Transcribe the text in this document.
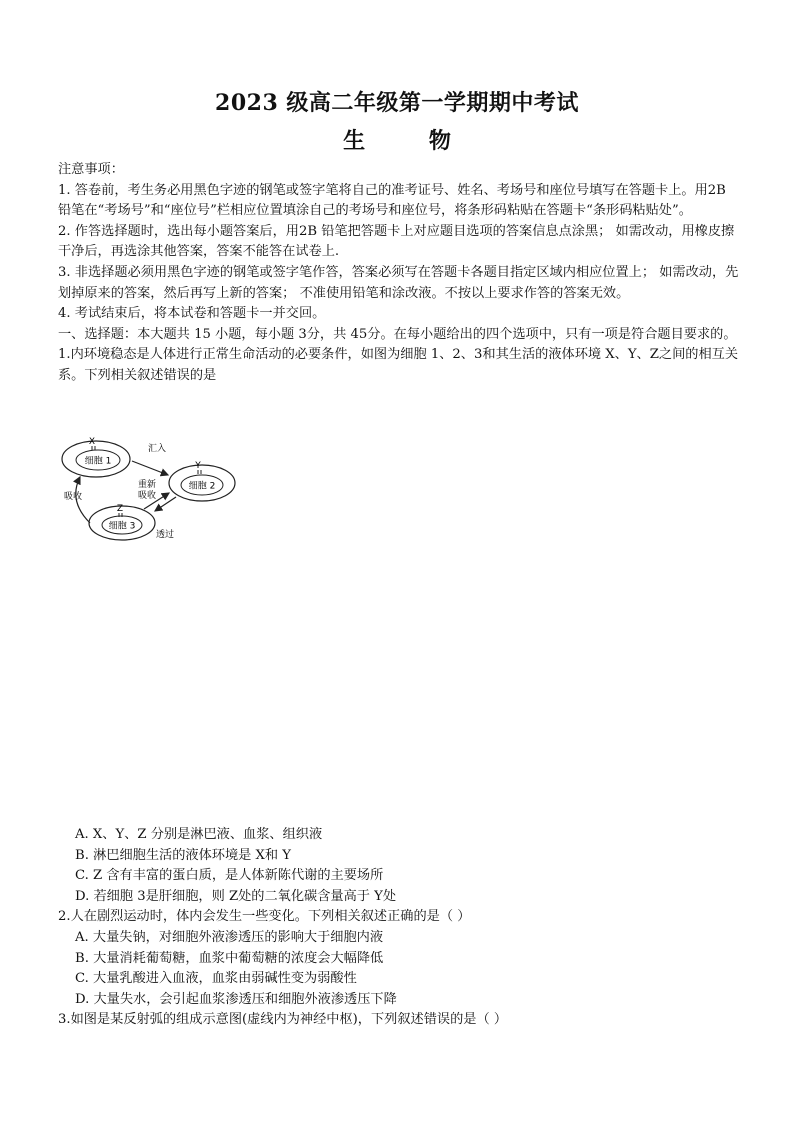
2023 级高二年级第一学期期中考试
生 物

注意事项：

1. 答卷前，考生务必用黑色字迹的钢笔或签字笔将自己的准考证号、姓名、考场号和座位号填写在答题卡上。用2B 铅笔在“考场号”和“座位号”栏相应位置填涂自己的考场号和座位号，将条形码粘贴在答题卡“条形码粘贴处”。

2. 作答选择题时，选出每小题答案后，用2B 铅笔把答题卡上对应题目选项的答案信息点涂黑； 如需改动，用橡皮擦干净后，再选涂其他答案，答案不能答在试卷上.

3. 非选择题必须用黑色字迹的钢笔或签字笔作答，答案必须写在答题卡各题目指定区域内相应位置上； 如需改动，先划掉原来的答案，然后再写上新的答案； 不准使用铅笔和涂改液。不按以上要求作答的答案无效。

4. 考试结束后，将本试卷和答题卡一并交回。

一、选择题：本大题共 15 小题，每小题 3分，共 45分。在每小题给出的四个选项中，只有一项是符合题目要求的。

1.内环境稳态是人体进行正常生命活动的必要条件，如图为细胞 1、2、3和其生活的液体环境 X、Y、Z之间的相互关系。下列相关叙述错误的是

细胞 1
X
细胞 2
Y
细胞 3
Z
汇入
透过
重新
吸收
吸收

A. X、Y、Z 分别是淋巴液、血浆、组织液

B. 淋巴细胞生活的液体环境是 X和 Y

C. Z 含有丰富的蛋白质，是人体新陈代谢的主要场所

D. 若细胞 3是肝细胞，则 Z处的二氧化碳含量高于 Y处

2.人在剧烈运动时，体内会发生一些变化。下列相关叙述正确的是（ ）

A. 大量失钠，对细胞外液渗透压的影响大于细胞内液

B. 大量消耗葡萄糖，血浆中葡萄糖的浓度会大幅降低

C. 大量乳酸进入血液，血浆由弱碱性变为弱酸性

D. 大量失水，会引起血浆渗透压和细胞外液渗透压下降

3.如图是某反射弧的组成示意图(虚线内为神经中枢)，下列叙述错误的是（ ）
